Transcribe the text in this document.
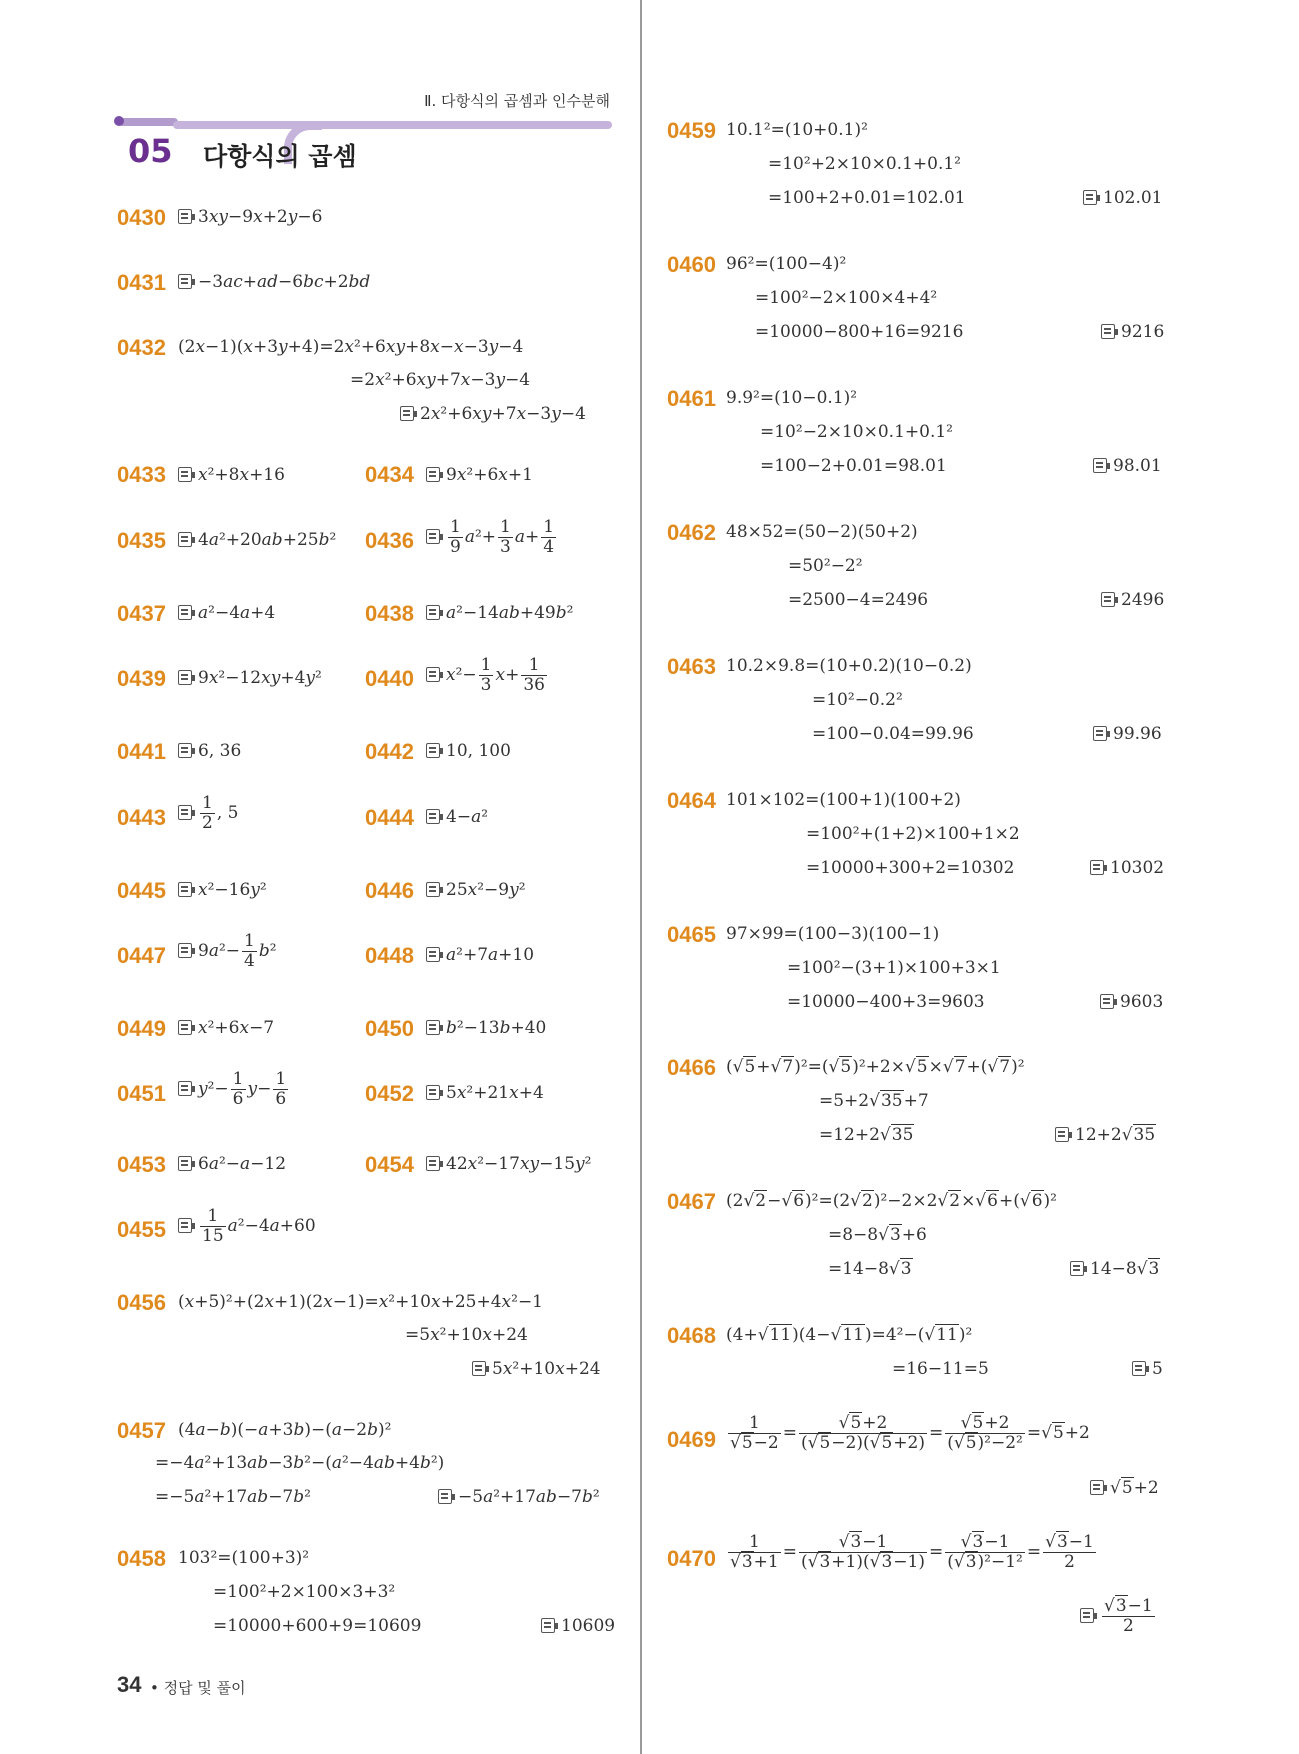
Ⅱ. 다항식의 곱셈과 인수분해
05 다항식의 곱셈
0430	3xy−9x+2y−6
0431	−3ac+ad−6bc+2bd
0432 (2x−1)(x+3y+4)=2x²+6xy+8x−x−3y−4
=2x²+6xy+7x−3y−4
2x²+6xy+7x−3y−4
0433	x²+8x+16	0434	9x²+6x+1
0435	4a²+20ab+25b² $0436 \frac{1}{9} a^2+ \frac{1}{3} a+ \frac{1}{4}$
0437	a²−4a+4	0438	a²−14ab+49b²
0439	9x²−12xy+4y² 0440	$x^2- \frac{1}{3} x+ \frac{1}{36}$
0441	6, 36	0442	10, 100
$0443 \frac{1}{2}$ , 5	0444	4−a²
0445	x²−16y²	0446	25x²−9y²
0447	$9a^2- \frac{1}{4} b^2$	0448	a²+7a+10
0449	x²+6x−7	0450	b²−13b+40
0451	$y^2- \frac{1}{6} y- \frac{1}{6}$	0452	5x²+21x+4
0453	6a²−a−12	0454	42x²−17xy−15y²
$0455 \frac{1}{15} a^2-4a+60$
0456 (x+5)²+(2x+1)(2x−1)=x²+10x+25+4x²−1
=5x²+10x+24
5x²+10x+24
0457 (4a−b)(−a+3b)−(a−2b)²
=−4a²+13ab−3b²−(a²−4ab+4b²)
=−5a²+17ab−7b²	−5a²+17ab−7b²
0458 103²=(100+3)²
=100²+2×100×3+3²
=10000+600+9=10609	10609
34 • 정답 및 풀이
0459 10.1²=(10+0.1)²
=10²+2×10×0.1+0.1²
=100+2+0.01=102.01	102.01
0460 96²=(100−4)²
=100²−2×100×4+4²
=10000−800+16=9216	9216
0461 9.9²=(10−0.1)²
=10²−2×10×0.1+0.1²
=100−2+0.01=98.01	98.01
0462 48×52=(50−2)(50+2)
=50²−2²
=2500−4=2496	2496
0463 10.2×9.8=(10+0.2)(10−0.2)
=10²−0.2²
=100−0.04=99.96	99.96
0464 101×102=(100+1)(100+2)
=100²+(1+2)×100+1×2
=10000+300+2=10302	10302
0465 97×99=(100−3)(100−1)
=100²−(3+1)×100+3×1
=10000−400+3=9603	9603
0466 (√5+√7)²=(√5)²+2×√5×√7+(√7)²
=5+2√35+7
=12+2√35	12+2√35
0467 (2√2−√6)²=(2√2)²−2×2√2×√6+(√6)²
=8−8√3+6
=14−8√3	14−8√3
0468 (4+√11)(4−√11)=4²−(√11)²
=16−11=5	5
$0469 \frac{1}{√5-2} = \frac{√5+2}{(√5-2)(√5+2)} = \frac{√5+2}{\text{(√5)²−2²}} =√5+2$
√5+2
$0470 \frac{1}{√3+1} = \frac{√3-1}{(√3+1)(√3-1)} = \frac{√3-1}{\text{(√3)²−1²}} = \frac{√3-1}{2}$
$\frac{√3-1}{2}$
